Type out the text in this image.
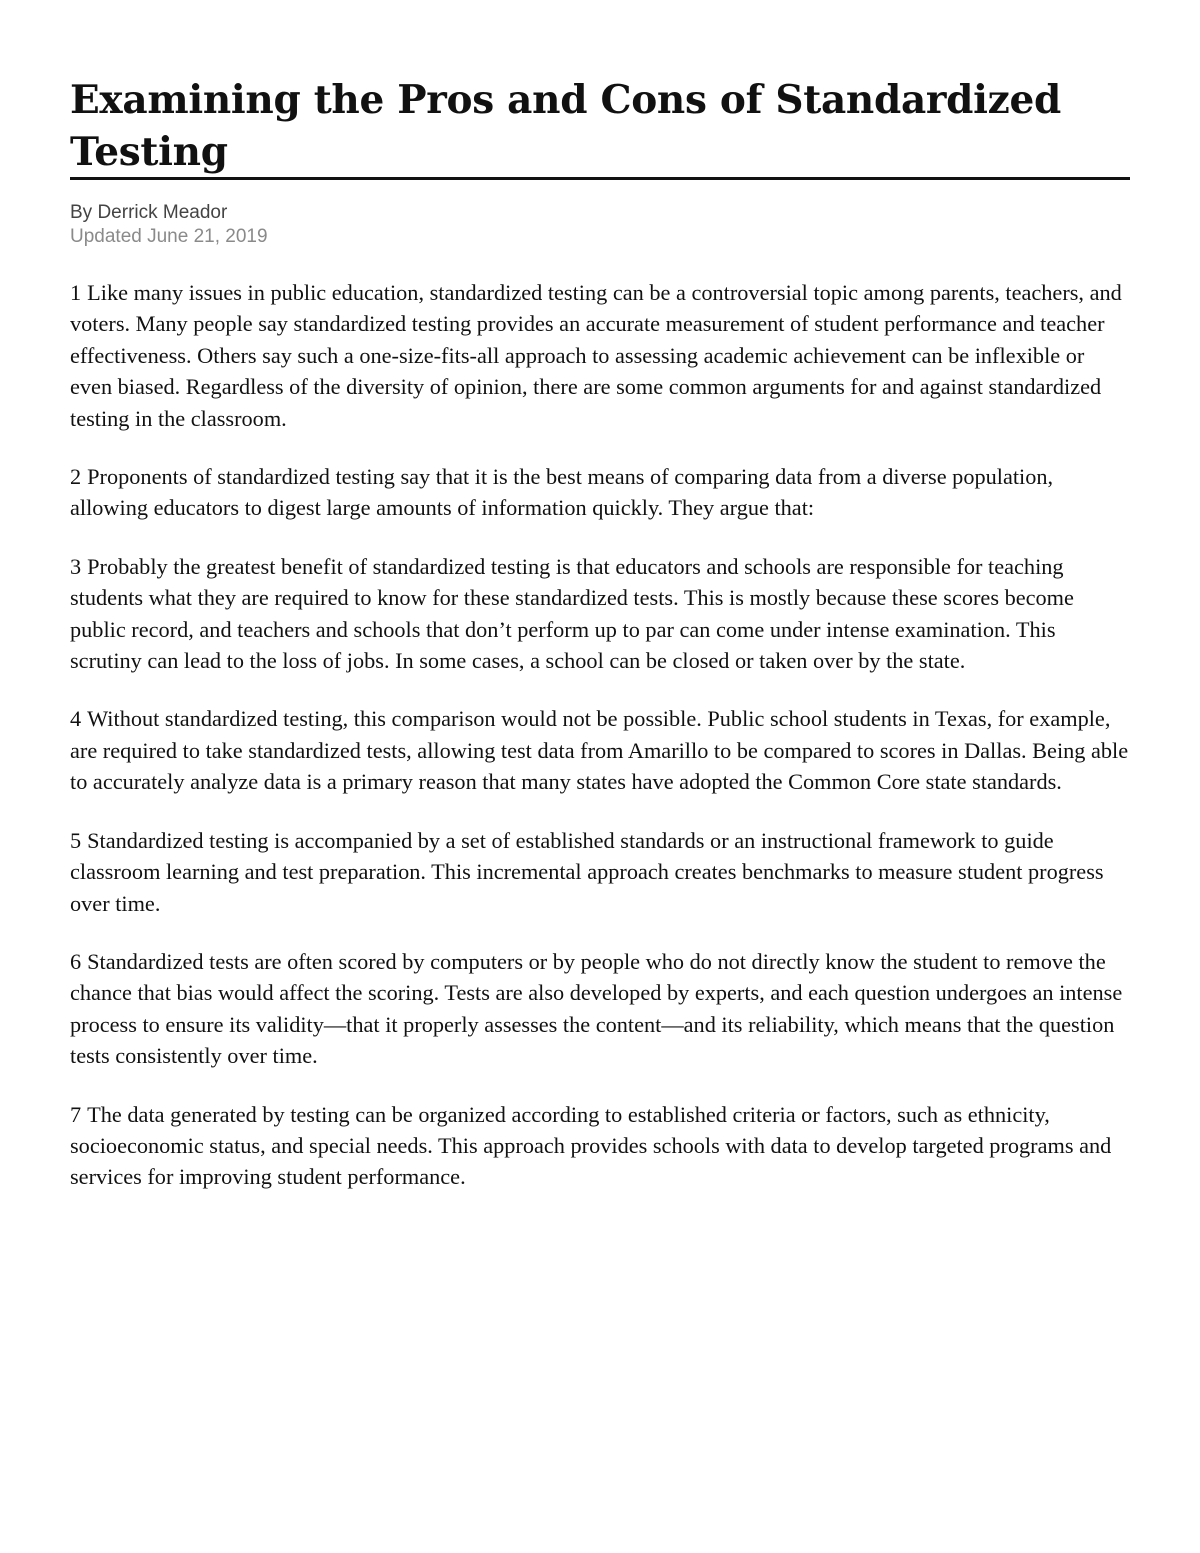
Examining the Pros and Cons of Standardized Testing
By Derrick Meador
Updated June 21, 2019

1 Like many issues in public education, standardized testing can be a controversial topic among parents, teachers, and voters. Many people say standardized testing provides an accurate measurement of student performance and teacher effectiveness. Others say such a one-size-fits-all approach to assessing academic achievement can be inflexible or even biased. Regardless of the diversity of opinion, there are some common arguments for and against standardized testing in the classroom.

2 Proponents of standardized testing say that it is the best means of comparing data from a diverse population, allowing educators to digest large amounts of information quickly. They argue that:

3 Probably the greatest benefit of standardized testing is that educators and schools are responsible for teaching students what they are required to know for these standardized tests. This is mostly because these scores become public record, and teachers and schools that don’t perform up to par can come under intense examination. This scrutiny can lead to the loss of jobs. In some cases, a school can be closed or taken over by the state.

4 Without standardized testing, this comparison would not be possible. Public school students in Texas, for example, are required to take standardized tests, allowing test data from Amarillo to be compared to scores in Dallas. Being able to accurately analyze data is a primary reason that many states have adopted the Common Core state standards.

5 Standardized testing is accompanied by a set of established standards or an instructional framework to guide classroom learning and test preparation. This incremental approach creates benchmarks to measure student progress over time.

6 Standardized tests are often scored by computers or by people who do not directly know the student to remove the chance that bias would affect the scoring. Tests are also developed by experts, and each question undergoes an intense process to ensure its validity—that it properly assesses the content—and its reliability, which means that the question tests consistently over time.

7 The data generated by testing can be organized according to established criteria or factors, such as ethnicity, socioeconomic status, and special needs. This approach provides schools with data to develop targeted programs and services for improving student performance.
